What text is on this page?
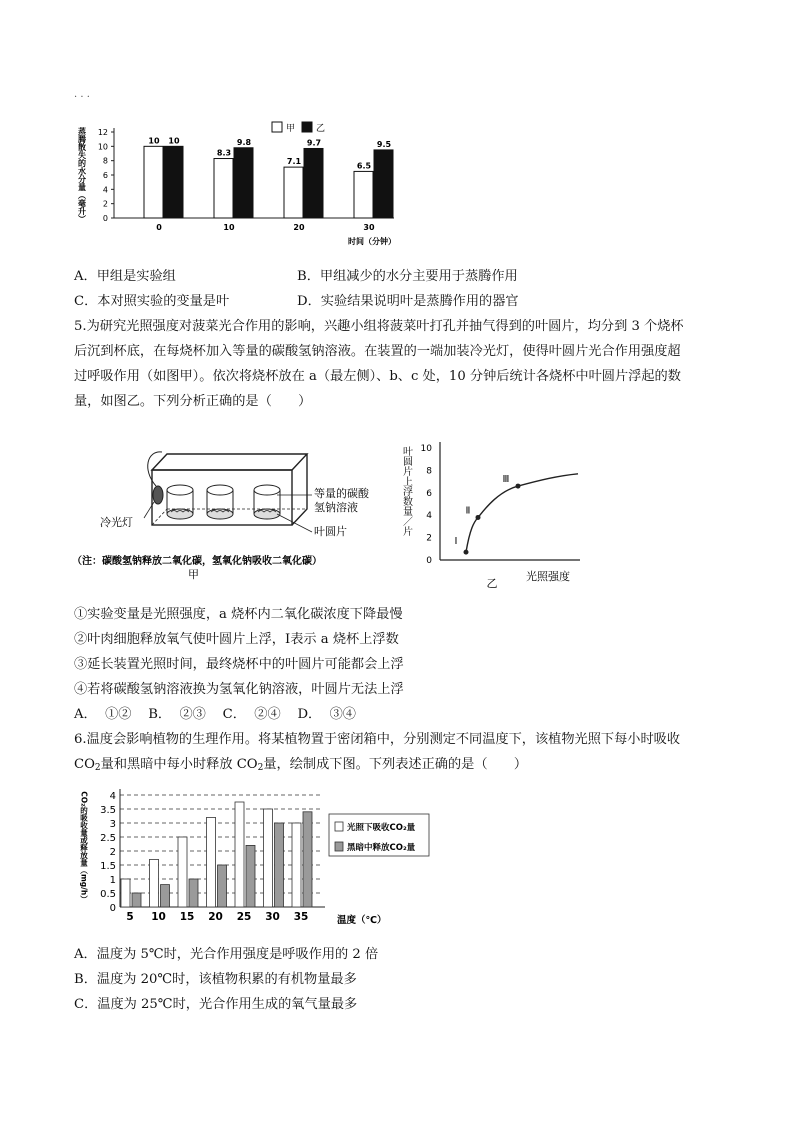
· · ·
0
2
4
6
8
10
12
蒸腾散失的水分量（毫升）	10 10
0
8.3
9.8
10
7.1
9.7
20
6.5
9.5
30
时间（分钟）
甲 乙
A．甲组是实验组	B．甲组减少的水分主要用于蒸腾作用
C．本对照实验的变量是叶	D．实验结果说明叶是蒸腾作用的器官
5.为研究光照强度对菠菜光合作用的影响，兴趣小组将菠菜叶打孔并抽气得到的叶圆片，均分到 3 个烧杯
后沉到杯底，在每烧杯加入等量的碳酸氢钠溶液。在装置的一端加装冷光灯，使得叶圆片光合作用强度超
过呼吸作用（如图甲）。依次将烧杯放在 a（最左侧）、b、c 处，10 分钟后统计各烧杯中叶圆片浮起的数
量，如图乙。下列分析正确的是（　　）
冷光灯
等量的碳酸
氢钠溶液
叶圆片
（注：碳酸氢钠释放二氧化碳，氢氧化钠吸收二氧化碳）
甲
0
2
4
6
8
10
叶圆片上浮数量／片
Ⅰ
Ⅱ
Ⅲ
光照强度
乙
①实验变量是光照强度，a 烧杯内二氧化碳浓度下降最慢
②叶肉细胞释放氧气使叶圆片上浮，Ⅰ表示 a 烧杯上浮数
③延长装置光照时间，最终烧杯中的叶圆片可能都会上浮
④若将碳酸氢钠溶液换为氢氧化钠溶液，叶圆片无法上浮
A．  ①②    B．  ②③    C．  ②④    D．  ③④
6.温度会影响植物的生理作用。将某植物置于密闭箱中，分别测定不同温度下，该植物光照下每小时吸收
$CO_2$量和黑暗中每小时释放 $CO_2$量，绘制成下图。下列表述正确的是（　　）
0
0.5
1
1.5
2
2.5
3
3.5
4
CO₂的吸收量或释放量（mg/h）
5 10 15 20 25 30 35	温度（℃）
光照下吸收CO₂量
黑暗中释放CO₂量
A．温度为 5℃时，光合作用强度是呼吸作用的 2 倍
B．温度为 20℃时，该植物积累的有机物量最多
C．温度为 25℃时，光合作用生成的氧气量最多
